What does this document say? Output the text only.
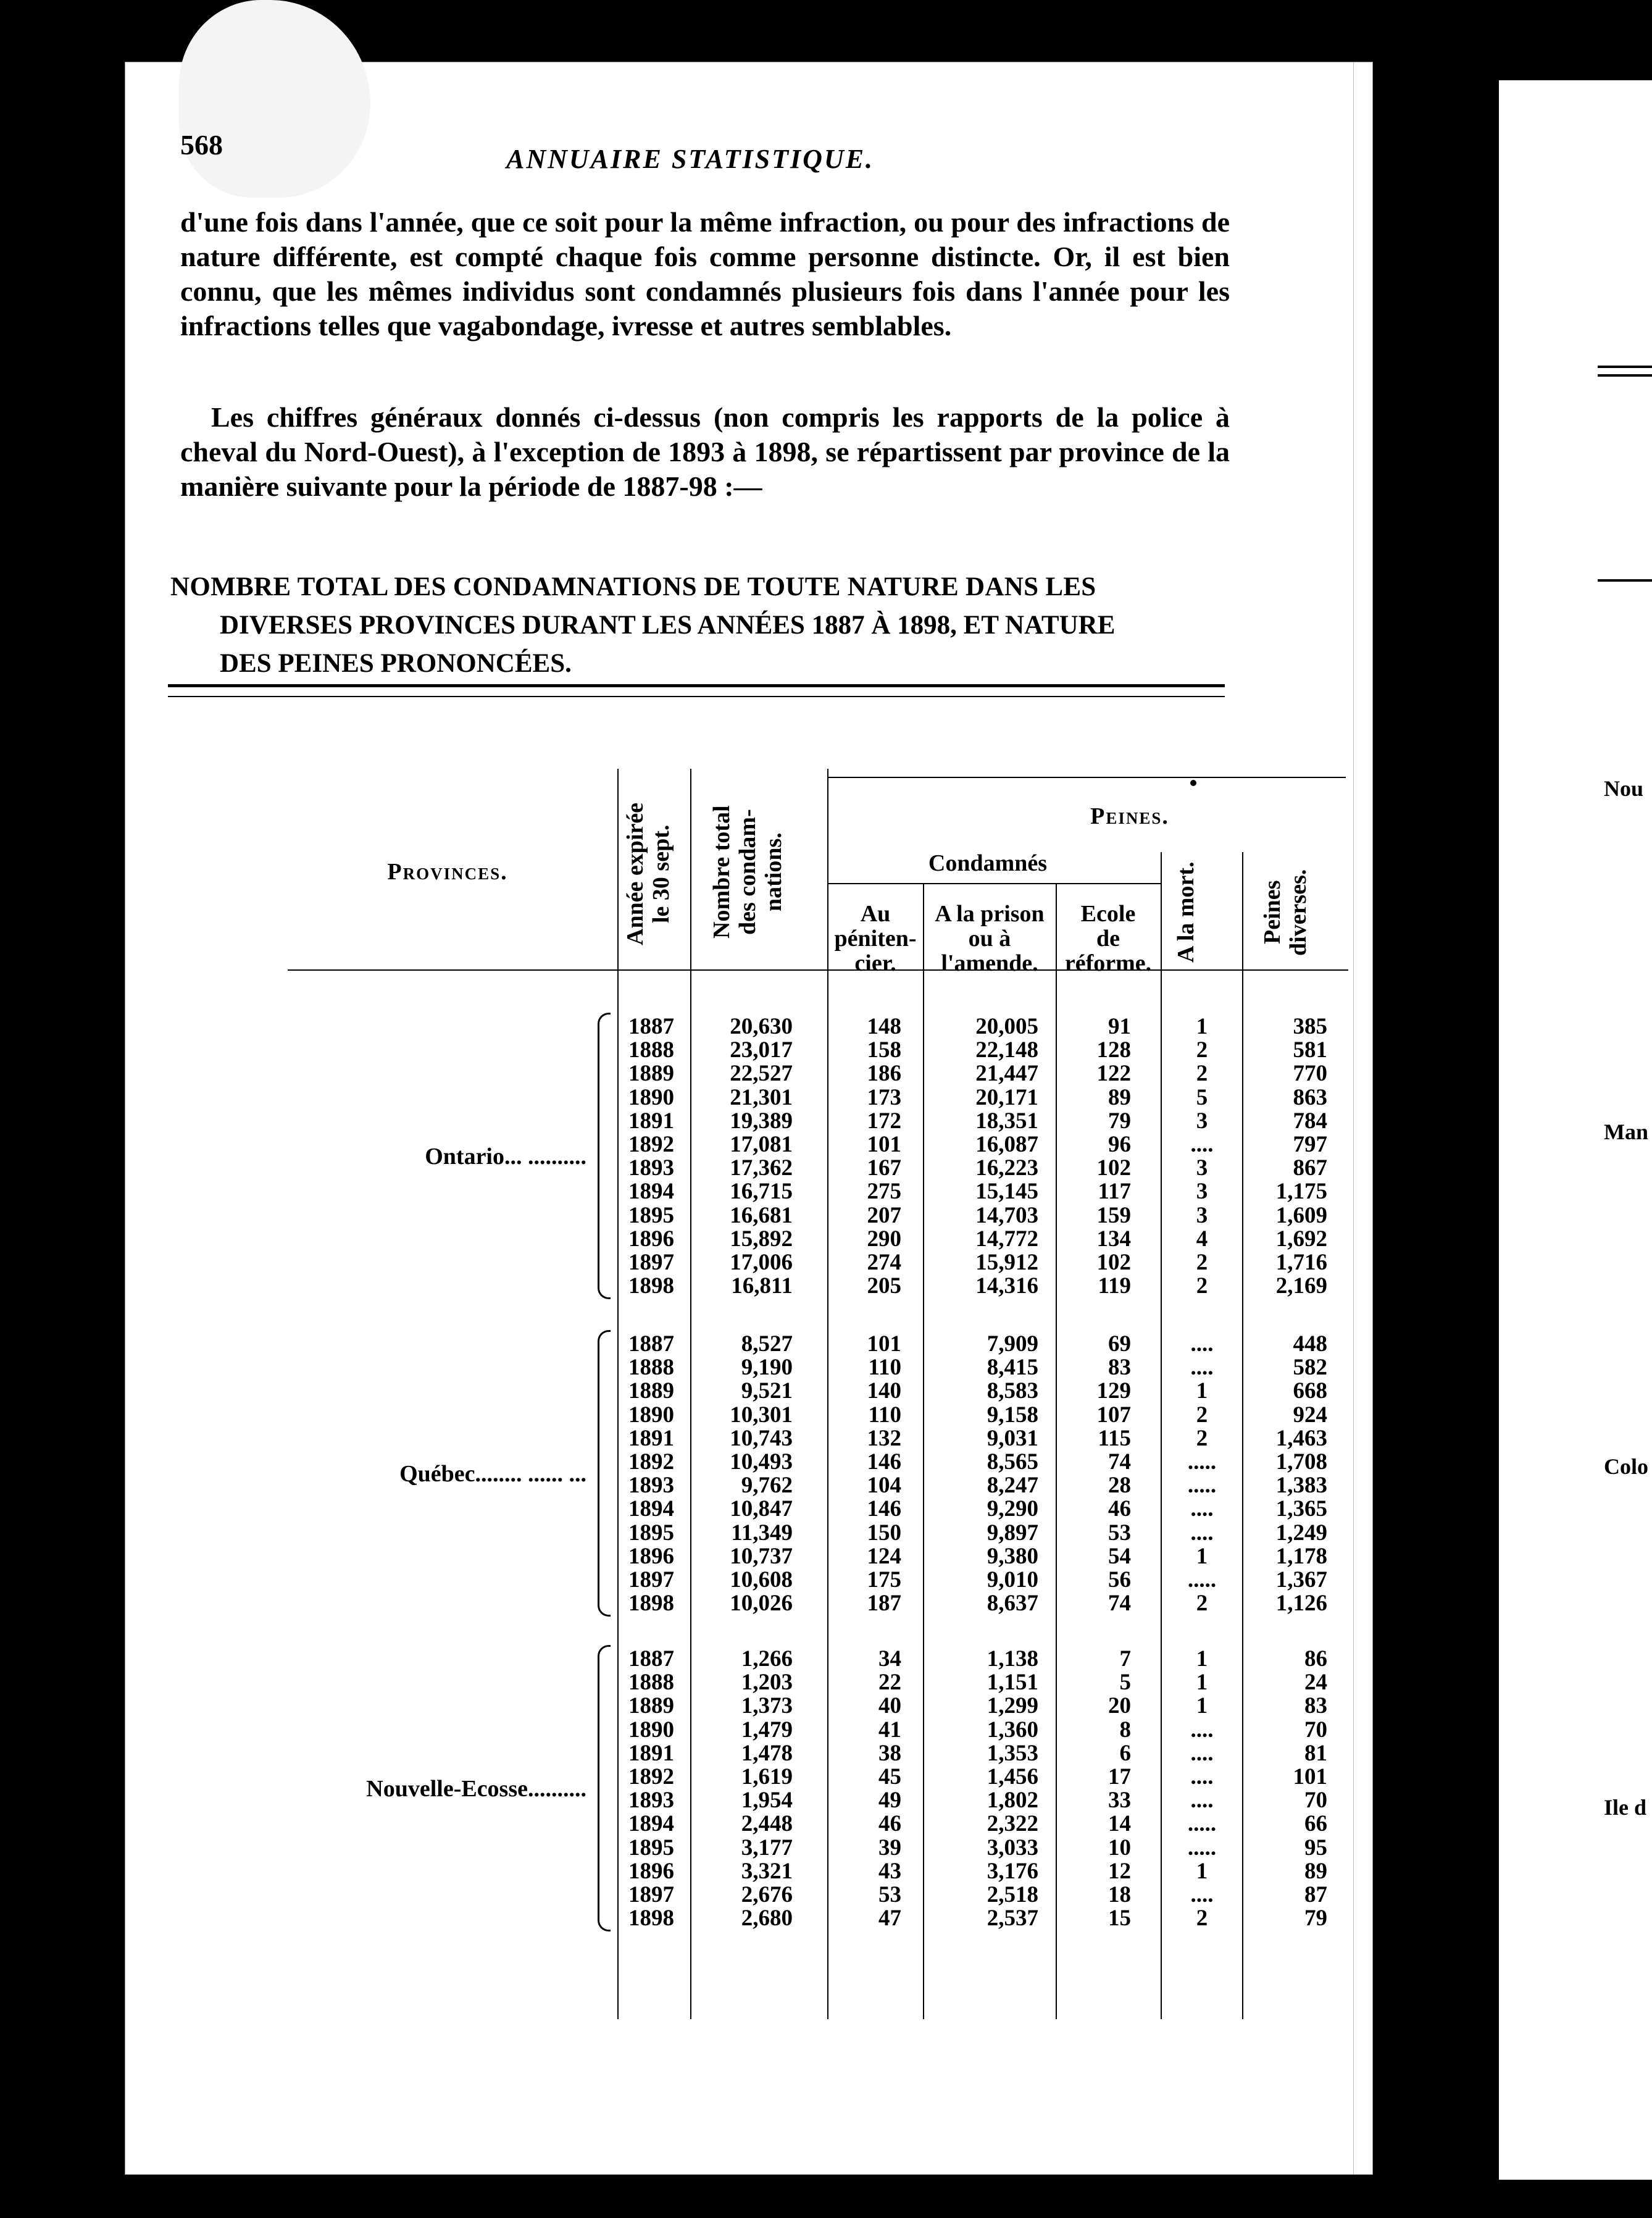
Nou
Man
Colo
Ile d
568	ANNUAIRE STATISTIQUE.

d'une fois dans l'année, que ce soit pour la même infraction, ou pour des infractions de nature différente, est compté chaque fois comme personne distincte. Or, il est bien connu, que les mêmes individus sont condamnés plusieurs fois dans l'année pour les infractions telles que vagabondage, ivresse et autres semblables.

Les chiffres généraux donnés ci-dessus (non compris les rapports de la police à cheval du Nord-Ouest), à l'exception de 1893 à 1898, se répartissent par province de la manière suivante pour la période de 1887-98 :—

NOMBRE TOTAL DES CONDAMNATIONS DE TOUTE NATURE DANS LES
DIVERSES PROVINCES DURANT LES ANNÉES 1887 À 1898, ET NATURE
DES PEINES PRONONCÉES.
Provinces.
Année expirée
le 30 sept.
Nombre total
des condam-
nations.
Peines.
Condamnés
Au
péniten-
cier.
A la prison
ou à
l'amende.
Ecole
de
réforme.
A la mort.	Peines
diverses.
1887
1888
1889
1890
1891
1892
1893
1894
1895
1896
1897
1898
20,630
23,017
22,527
21,301
19,389
17,081
17,362
16,715
16,681
15,892
17,006
16,811
148
158
186
173
172
101
167
275
207
290
274
205
20,005
22,148
21,447
20,171
18,351
16,087
16,223
15,145
14,703
14,772
15,912
14,316
91
128
122
89
79
96
102
117
159
134
102
119
1
2
2
5
3
....
3
3
3
4
2
2
385
581
770
863
784
797
867
1,175
1,609
1,692
1,716
2,169
Ontario... ..........
1887
1888
1889
1890
1891
1892
1893
1894
1895
1896
1897
1898
8,527
9,190
9,521
10,301
10,743
10,493
9,762
10,847
11,349
10,737
10,608
10,026
101
110
140
110
132
146
104
146
150
124
175
187
7,909
8,415
8,583
9,158
9,031
8,565
8,247
9,290
9,897
9,380
9,010
8,637
69
83
129
107
115
74
28
46
53
54
56
74
....
....
1
2
2
.....
.....
....
....
1
.....
2
448
582
668
924
1,463
1,708
1,383
1,365
1,249
1,178
1,367
1,126
Québec........ ...... ...
1887
1888
1889
1890
1891
1892
1893
1894
1895
1896
1897
1898
1,266
1,203
1,373
1,479
1,478
1,619
1,954
2,448
3,177
3,321
2,676
2,680
34
22
40
41
38
45
49
46
39
43
53
47
1,138
1,151
1,299
1,360
1,353
1,456
1,802
2,322
3,033
3,176
2,518
2,537
7
5
20
8
6
17
33
14
10
12
18
15
1
1
1
....
....
....
....
.....
.....
1
....
2
86
24
83
70
81
101
70
66
95
89
87
79
Nouvelle-Ecosse..........
